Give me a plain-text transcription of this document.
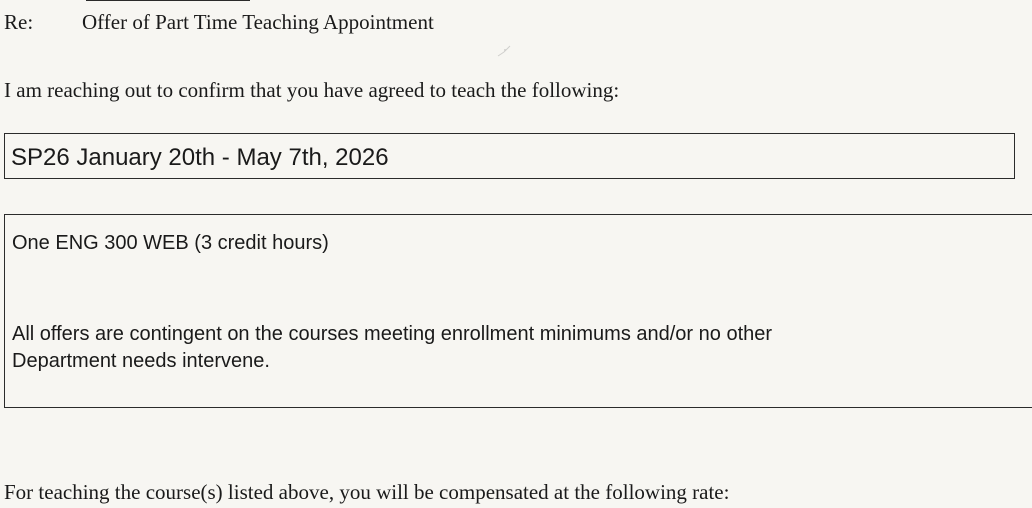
Re: Offer of Part Time Teaching Appointment
I am reaching out to confirm that you have agreed to teach the following:
SP26 January 20th - May 7th, 2026
One ENG 300 WEB (3 credit hours)
All offers are contingent on the courses meeting enrollment minimums and/or no other
Department needs intervene.
For teaching the course(s) listed above, you will be compensated at the following rate:
